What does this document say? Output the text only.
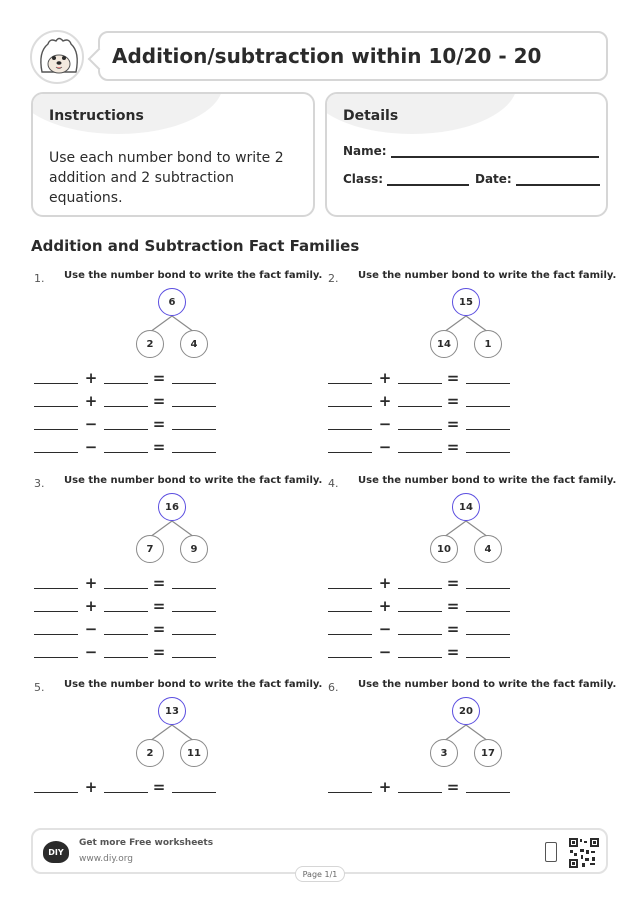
Addition/subtraction within 10/20 - 20
Instructions
Use each number bond to write 2 addition and 2 subtraction equations.
Details
Name:
Class:	Date:
Addition and Subtraction Fact Families
1. Use the number bond to write the fact family.
6
2	4
+	=
+	=
−	=
−	=
2. Use the number bond to write the fact family.
15
14	1
+	=
+	=
−	=
−	=
3. Use the number bond to write the fact family.
16
7	9
+	=
+	=
−	=
−	=
4. Use the number bond to write the fact family.
14
10	4
+	=
+	=
−	=
−	=
5. Use the number bond to write the fact family.
13
2	11
+	=
6. Use the number bond to write the fact family.
20
3	17
+	=
DIY
Get more Free worksheets
www.diy.org
Page 1/1
